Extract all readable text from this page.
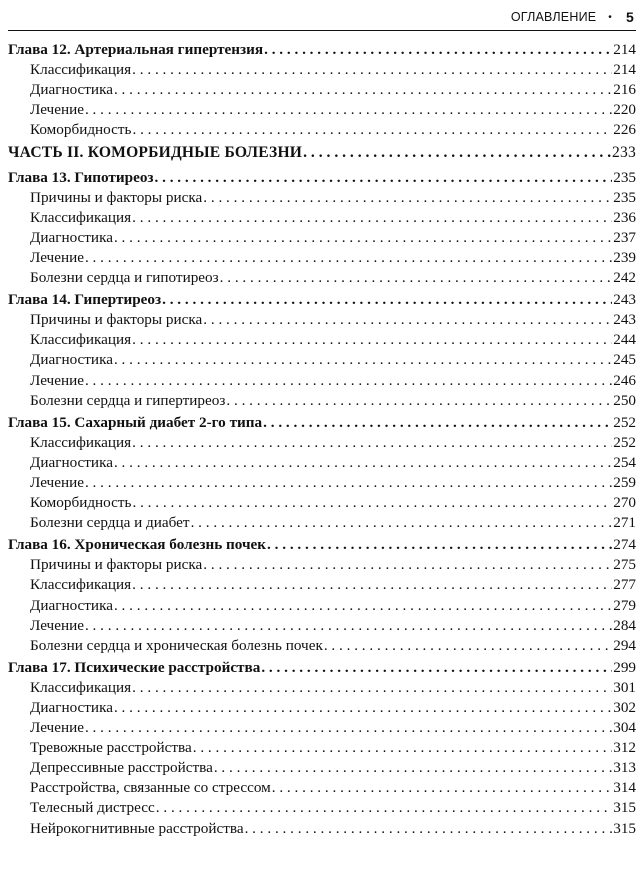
ОГЛАВЛЕНИЕ • 5
Глава 12. Артериальная гипертензия . . .	214
Классификация . . .	214
Диагностика . . .	216
Лечение . . .	220
Коморбидность . . .	226
ЧАСТЬ II. КОМОРБИДНЫЕ БОЛЕЗНИ . . .	233
Глава 13. Гипотиреоз . . .	235
Причины и факторы риска . . .	235
Классификация . . .	236
Диагностика . . .	237
Лечение . . .	239
Болезни сердца и гипотиреоз . . .	242
Глава 14. Гипертиреоз . . .	243
Причины и факторы риска . . .	243
Классификация . . .	244
Диагностика . . .	245
Лечение . . .	246
Болезни сердца и гипертиреоз . . .	250
Глава 15. Сахарный диабет 2-го типа . . .	252
Классификация . . .	252
Диагностика . . .	254
Лечение . . .	259
Коморбидность . . .	270
Болезни сердца и диабет . . .	271
Глава 16. Хроническая болезнь почек . . .	274
Причины и факторы риска . . .	275
Классификация . . .	277
Диагностика . . .	279
Лечение . . .	284
Болезни сердца и хроническая болезнь почек . . .	294
Глава 17. Психические расстройства . . .	299
Классификация . . .	301
Диагностика . . .	302
Лечение . . .	304
Тревожные расстройства . . .	312
Депрессивные расстройства . . .	313
Расстройства, связанные со стрессом . . .	314
Телесный дистресс . . .	315
Нейрокогнитивные расстройства . . .	315
